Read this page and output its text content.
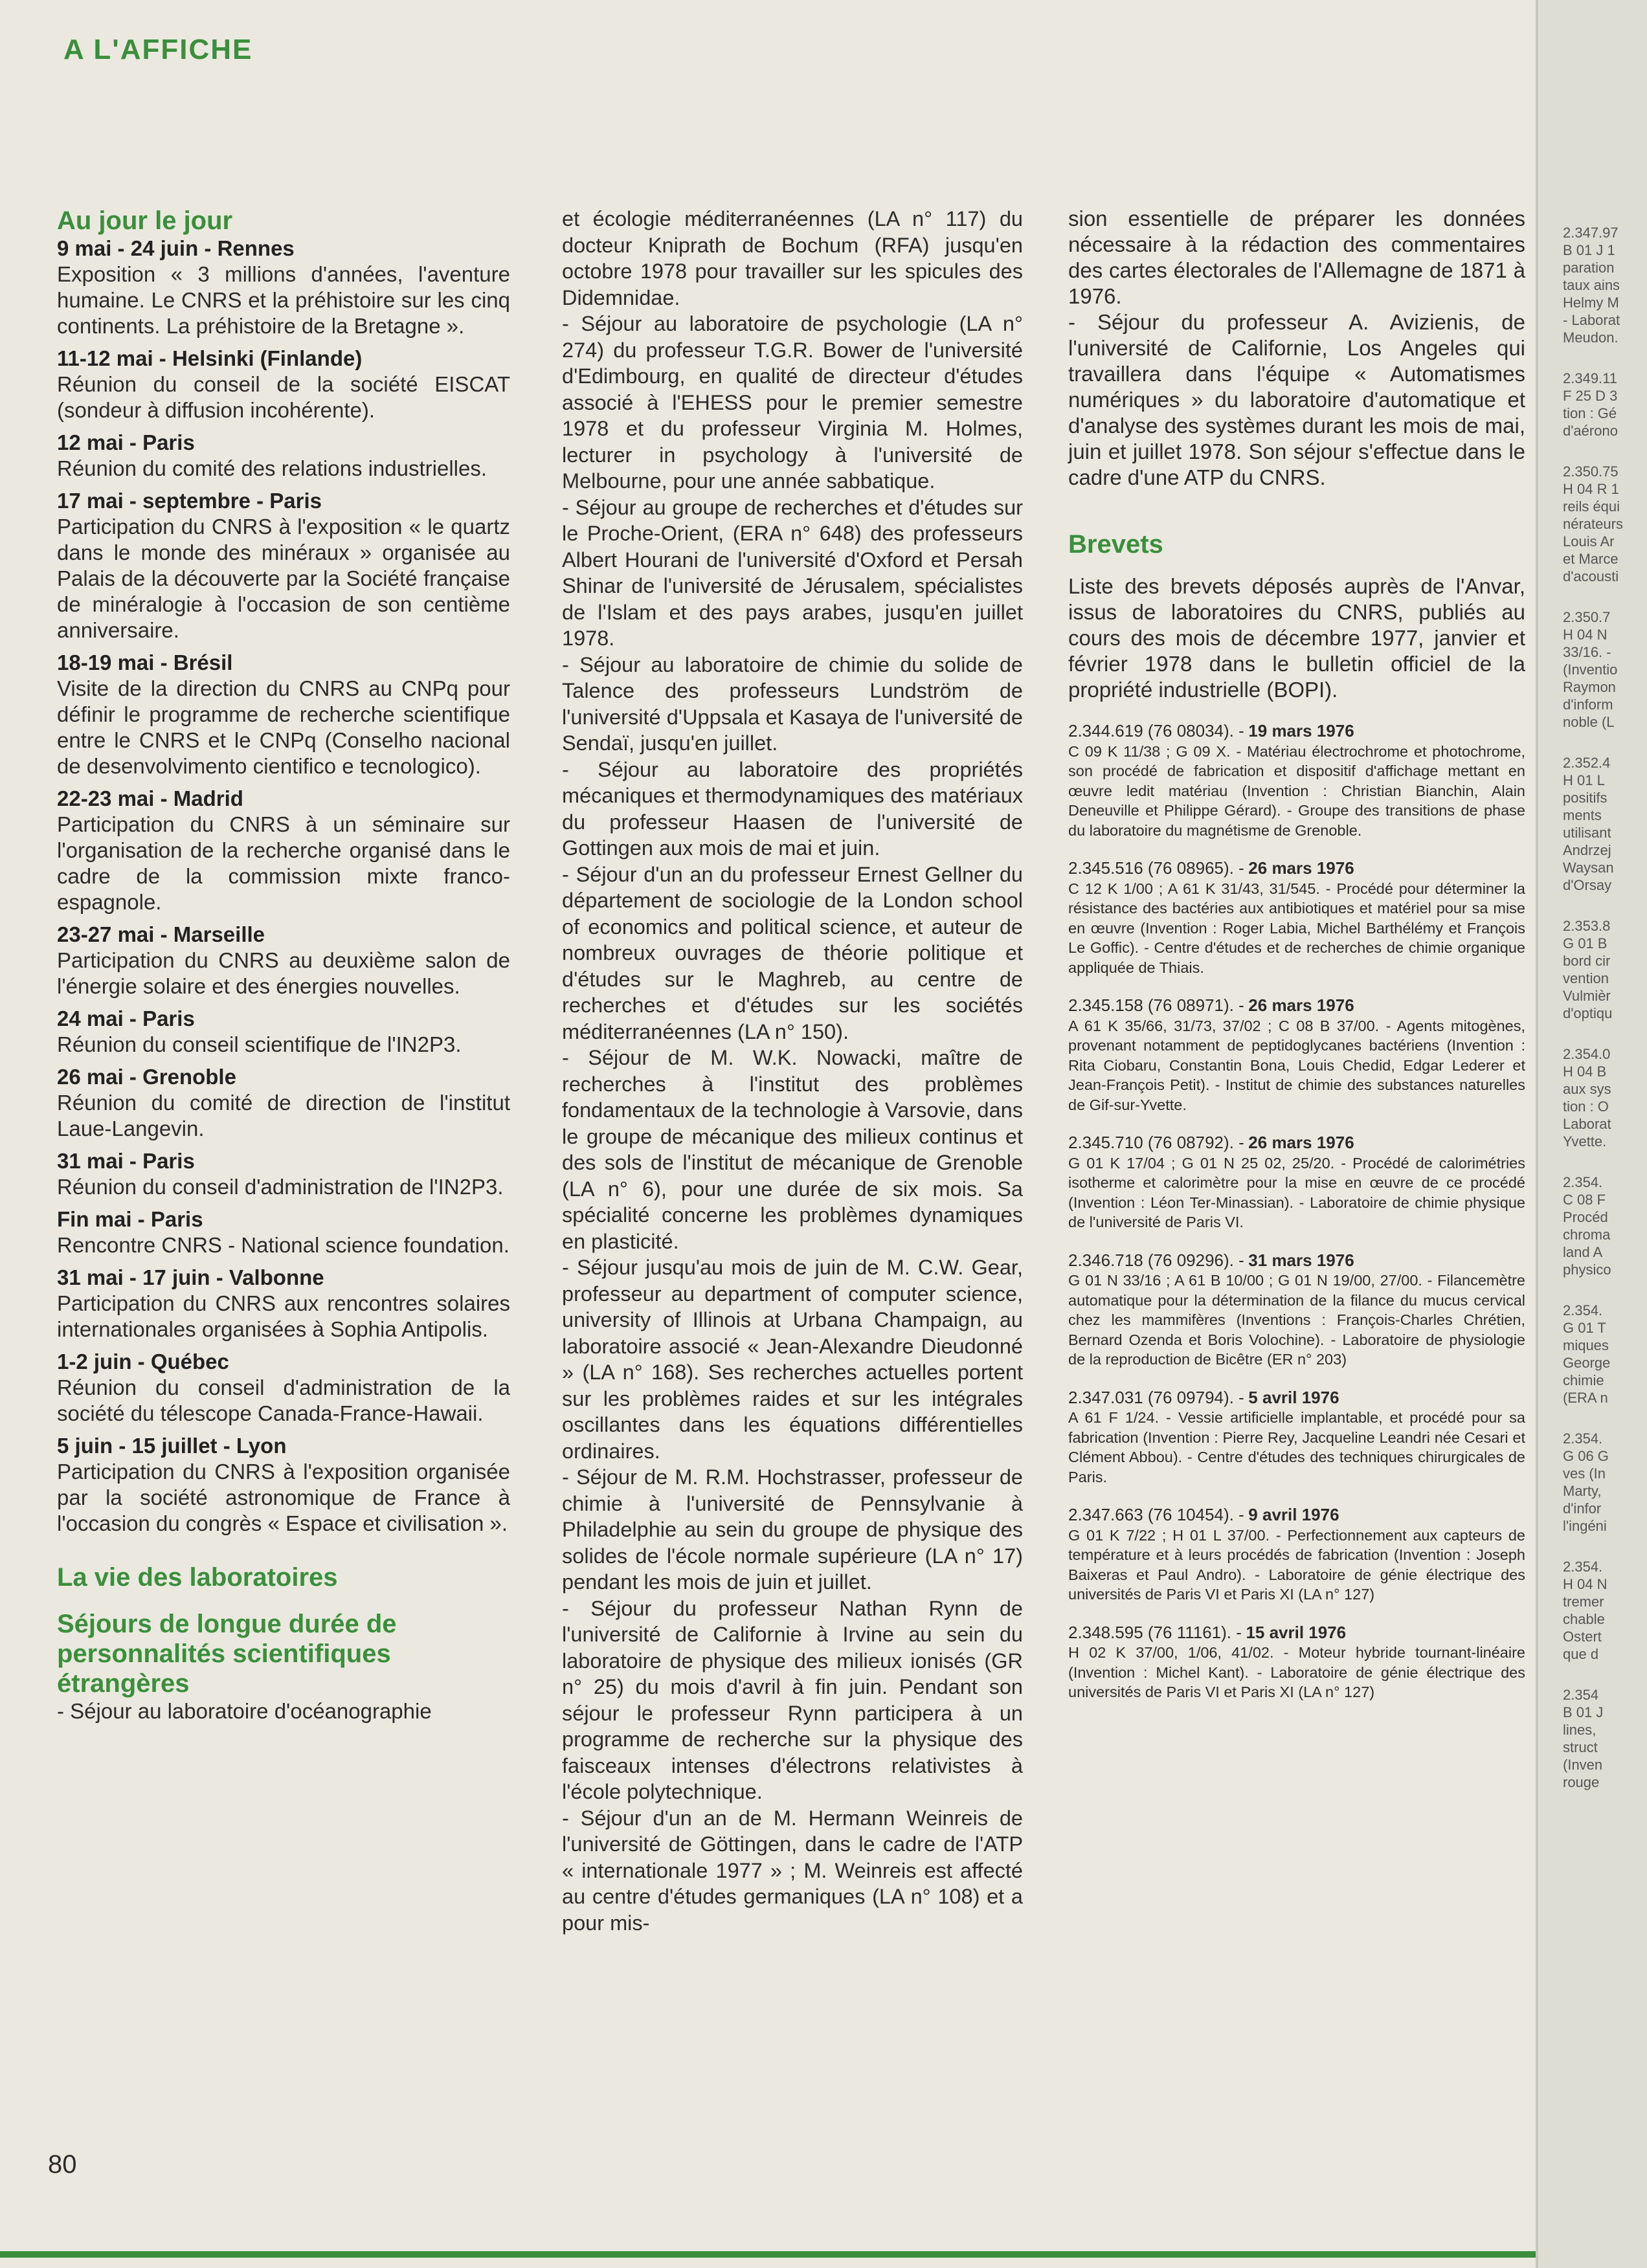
A L'AFFICHE
Au jour le jour
9 mai - 24 juin - Rennes
Exposition « 3 millions d'années, l'aventure humaine. Le CNRS et la préhistoire sur les cinq continents. La préhistoire de la Bretagne ».
11-12 mai - Helsinki (Finlande)
Réunion du conseil de la société EISCAT (sondeur à diffusion incohérente).
12 mai - Paris
Réunion du comité des relations industrielles.
17 mai - septembre - Paris
Participation du CNRS à l'exposition « le quartz dans le monde des minéraux » organisée au Palais de la découverte par la Société française de minéralogie à l'occasion de son centième anniversaire.
18-19 mai - Brésil
Visite de la direction du CNRS au CNPq pour définir le programme de recherche scientifique entre le CNRS et le CNPq (Conselho nacional de desenvolvimento cientifico e tecnologico).
22-23 mai - Madrid
Participation du CNRS à un séminaire sur l'organisation de la recherche organisé dans le cadre de la commission mixte franco-espagnole.
23-27 mai - Marseille
Participation du CNRS au deuxième salon de l'énergie solaire et des énergies nouvelles.
24 mai - Paris
Réunion du conseil scientifique de l'IN2P3.
26 mai - Grenoble
Réunion du comité de direction de l'institut Laue-Langevin.
31 mai - Paris
Réunion du conseil d'administration de l'IN2P3.
Fin mai - Paris
Rencontre CNRS - National science foundation.
31 mai - 17 juin - Valbonne
Participation du CNRS aux rencontres solaires internationales organisées à Sophia Antipolis.
1-2 juin - Québec
Réunion du conseil d'administration de la société du télescope Canada-France-Hawaii.
5 juin - 15 juillet - Lyon
Participation du CNRS à l'exposition organisée par la société astronomique de France à l'occasion du congrès « Espace et civilisation ».
La vie des laboratoires
Séjours de longue durée de personnalités scientifiques étrangères
- Séjour au laboratoire d'océanographie

et écologie méditerranéennes (LA n° 117) du docteur Kniprath de Bochum (RFA) jusqu'en octobre 1978 pour travailler sur les spicules des Didemnidae.

- Séjour au laboratoire de psychologie (LA n° 274) du professeur T.G.R. Bower de l'université d'Edimbourg, en qualité de directeur d'études associé à l'EHESS pour le premier semestre 1978 et du professeur Virginia M. Holmes, lecturer in psychology à l'université de Melbourne, pour une année sabbatique.

- Séjour au groupe de recherches et d'études sur le Proche-Orient, (ERA n° 648) des professeurs Albert Hourani de l'université d'Oxford et Persah Shinar de l'université de Jérusalem, spécialistes de l'Islam et des pays arabes, jusqu'en juillet 1978.

- Séjour au laboratoire de chimie du solide de Talence des professeurs Lundström de l'université d'Uppsala et Kasaya de l'université de Sendaï, jusqu'en juillet.

- Séjour au laboratoire des propriétés mécaniques et thermodynamiques des matériaux du professeur Haasen de l'université de Gottingen aux mois de mai et juin.

- Séjour d'un an du professeur Ernest Gellner du département de sociologie de la London school of economics and political science, et auteur de nombreux ouvrages de théorie politique et d'études sur le Maghreb, au centre de recherches et d'études sur les sociétés méditerranéennes (LA n° 150).

- Séjour de M. W.K. Nowacki, maître de recherches à l'institut des problèmes fondamentaux de la technologie à Varsovie, dans le groupe de mécanique des milieux continus et des sols de l'institut de mécanique de Grenoble (LA n° 6), pour une durée de six mois. Sa spécialité concerne les problèmes dynamiques en plasticité.

- Séjour jusqu'au mois de juin de M. C.W. Gear, professeur au department of computer science, university of Illinois at Urbana Champaign, au laboratoire associé « Jean-Alexandre Dieudonné » (LA n° 168). Ses recherches actuelles portent sur les problèmes raides et sur les intégrales oscillantes dans les équations différentielles ordinaires.

- Séjour de M. R.M. Hochstrasser, professeur de chimie à l'université de Pennsylvanie à Philadelphie au sein du groupe de physique des solides de l'école normale supérieure (LA n° 17) pendant les mois de juin et juillet.

- Séjour du professeur Nathan Rynn de l'université de Californie à Irvine au sein du laboratoire de physique des milieux ionisés (GR n° 25) du mois d'avril à fin juin. Pendant son séjour le professeur Rynn participera à un programme de recherche sur la physique des faisceaux intenses d'électrons relativistes à l'école polytechnique.

- Séjour d'un an de M. Hermann Weinreis de l'université de Göttingen, dans le cadre de l'ATP « internationale 1977 » ; M. Weinreis est affecté au centre d'études germaniques (LA n° 108) et a pour mis-

sion essentielle de préparer les données nécessaire à la rédaction des commentaires des cartes électorales de l'Allemagne de 1871 à 1976.

- Séjour du professeur A. Avizienis, de l'université de Californie, Los Angeles qui travaillera dans l'équipe « Automatismes numériques » du laboratoire d'automatique et d'analyse des systèmes durant les mois de mai, juin et juillet 1978. Son séjour s'effectue dans le cadre d'une ATP du CNRS.

Brevets
Liste des brevets déposés auprès de l'Anvar, issus de laboratoires du CNRS, publiés au cours des mois de décembre 1977, janvier et février 1978 dans le bulletin officiel de la propriété industrielle (BOPI).
2.344.619 (76 08034). - 19 mars 1976
C 09 K 11/38 ; G 09 X. - Matériau électrochrome et photochrome, son procédé de fabrication et dispositif d'affichage mettant en œuvre ledit matériau (Invention : Christian Bianchin, Alain Deneuville et Philippe Gérard). - Groupe des transitions de phase du laboratoire du magnétisme de Grenoble.
2.345.516 (76 08965). - 26 mars 1976
C 12 K 1/00 ; A 61 K 31/43, 31/545. - Procédé pour déterminer la résistance des bactéries aux antibiotiques et matériel pour sa mise en œuvre (Invention : Roger Labia, Michel Barthélémy et François Le Goffic). - Centre d'études et de recherches de chimie organique appliquée de Thiais.
2.345.158 (76 08971). - 26 mars 1976
A 61 K 35/66, 31/73, 37/02 ; C 08 B 37/00. - Agents mitogènes, provenant notamment de peptidoglycanes bactériens (Invention : Rita Ciobaru, Constantin Bona, Louis Chedid, Edgar Lederer et Jean-François Petit). - Institut de chimie des substances naturelles de Gif-sur-Yvette.
2.345.710 (76 08792). - 26 mars 1976
G 01 K 17/04 ; G 01 N 25 02, 25/20. - Procédé de calorimétries isotherme et calorimètre pour la mise en œuvre de ce procédé (Invention : Léon Ter-Minassian). - Laboratoire de chimie physique de l'université de Paris VI.
2.346.718 (76 09296). - 31 mars 1976
G 01 N 33/16 ; A 61 B 10/00 ; G 01 N 19/00, 27/00. - Filancemètre automatique pour la détermination de la filance du mucus cervical chez les mammifères (Inventions : François-Charles Chrétien, Bernard Ozenda et Boris Volochine). - Laboratoire de physiologie de la reproduction de Bicêtre (ER n° 203)
2.347.031 (76 09794). - 5 avril 1976
A 61 F 1/24. - Vessie artificielle implantable, et procédé pour sa fabrication (Invention : Pierre Rey, Jacqueline Leandri née Cesari et Clément Abbou). - Centre d'études des techniques chirurgicales de Paris.
2.347.663 (76 10454). - 9 avril 1976
G 01 K 7/22 ; H 01 L 37/00. - Perfectionnement aux capteurs de température et à leurs procédés de fabrication (Invention : Joseph Baixeras et Paul Andro). - Laboratoire de génie électrique des universités de Paris VI et Paris XI (LA n° 127)
2.348.595 (76 11161). - 15 avril 1976
H 02 K 37/00, 1/06, 41/02. - Moteur hybride tournant-linéaire (Invention : Michel Kant). - Laboratoire de génie électrique des universités de Paris VI et Paris XI (LA n° 127)
80
2.347.97
B 01 J 1
paration
taux ains
Helmy M
- Laborat
Meudon.
2.349.11
F 25 D 3
tion : Gé
d'aérono
2.350.75
H 04 R 1
reils équi
nérateurs
Louis Ar
et Marce
d'acousti
2.350.7
H 04 N
33/16. -
(Inventio
Raymon
d'inform
noble (L
2.352.4
H 01 L
positifs
ments
utilisant
Andrzej
Waysan
d'Orsay
2.353.8
G 01 B
bord cir
vention
Vulmièr
d'optiqu
2.354.0
H 04 B
aux sys
tion : O
Laborat
Yvette.
2.354.
C 08 F
Procéd
chroma
land A
physico
2.354.
G 01 T
miques
George
chimie
(ERA n
2.354.
G 06 G
ves (In
Marty,
d'infor
l'ingéni
2.354.
H 04 N
tremer
chable
Ostert
que d
2.354
B 01 J
lines,
struct
(Inven
rouge
